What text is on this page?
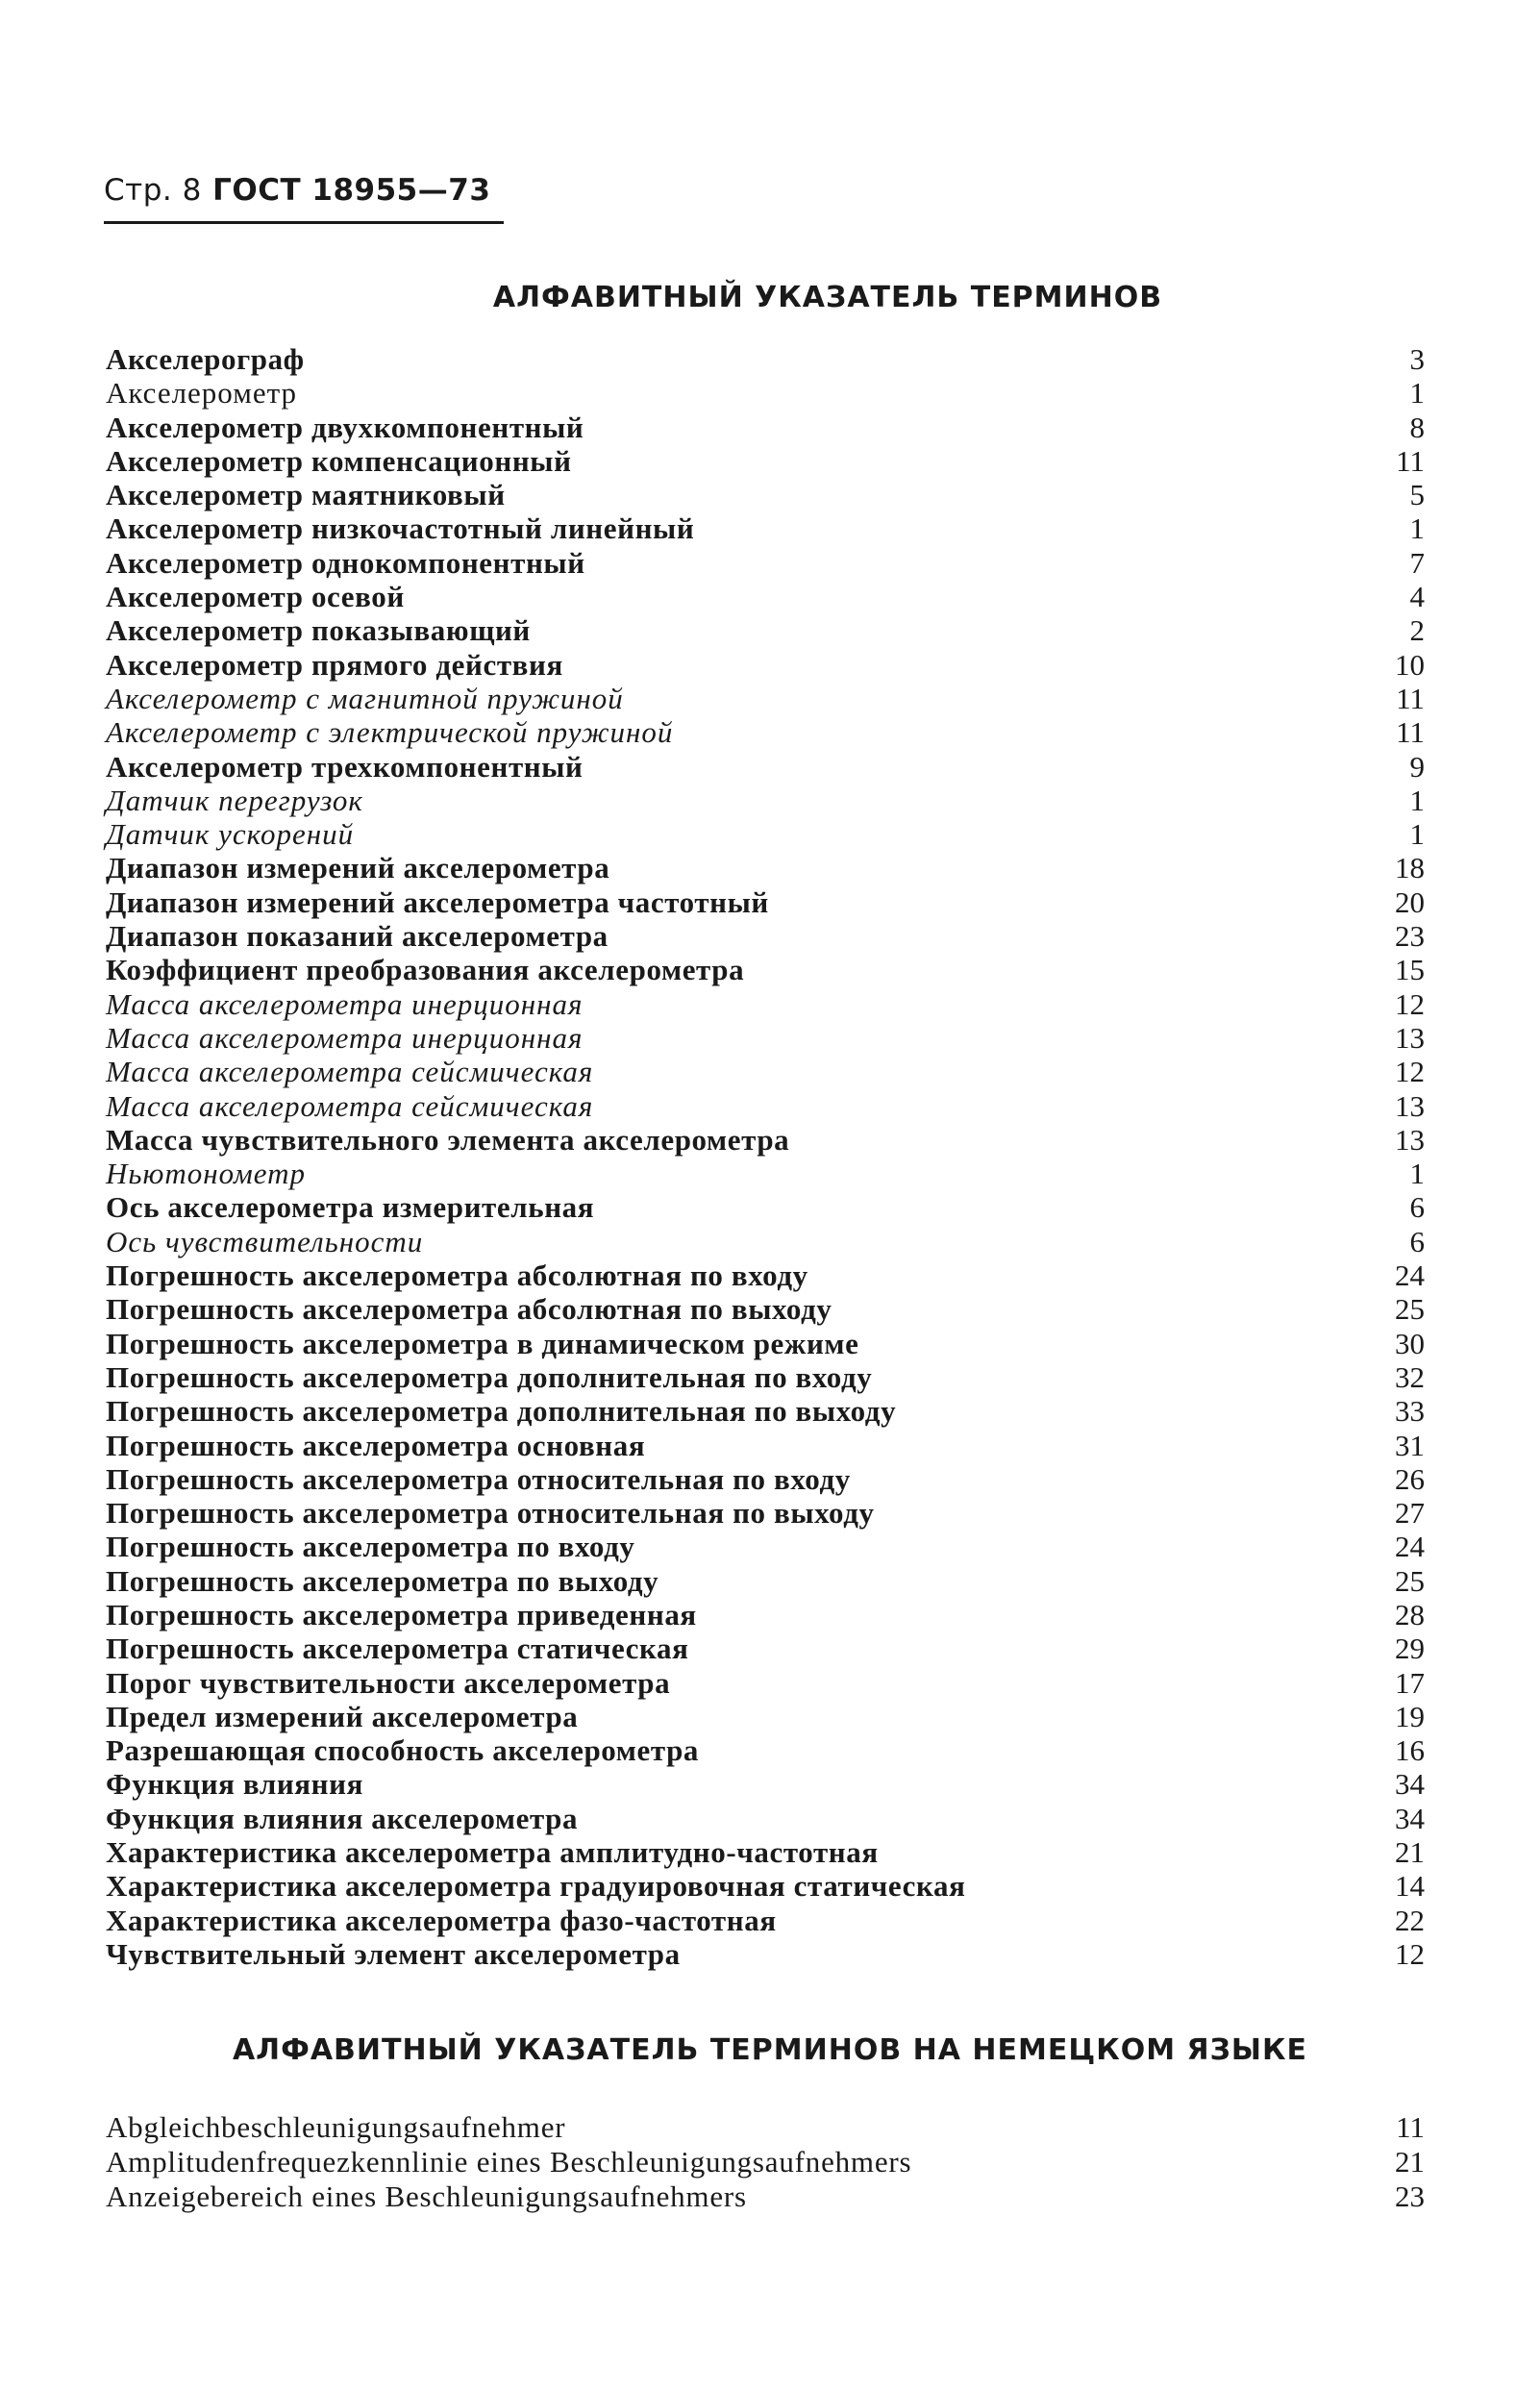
Стр. 8 ГОСТ 18955—73
АЛФАВИТНЫЙ УКАЗАТЕЛЬ ТЕРМИНОВ
Акселерограф	3
Акселерометр	1
Акселерометр двухкомпонентный	8
Акселерометр компенсационный	11
Акселерометр маятниковый	5
Акселерометр низкочастотный линейный	1
Акселерометр однокомпонентный	7
Акселерометр осевой	4
Акселерометр показывающий	2
Акселерометр прямого действия	10
Акселерометр с магнитной пружиной	11
Акселерометр с электрической пружиной	11
Акселерометр трехкомпонентный	9
Датчик перегрузок	1
Датчик ускорений	1
Диапазон измерений акселерометра	18
Диапазон измерений акселерометра частотный	20
Диапазон показаний акселерометра	23
Коэффициент преобразования акселерометра	15
Масса акселерометра инерционная	12
Масса акселерометра инерционная	13
Масса акселерометра сейсмическая	12
Масса акселерометра сейсмическая	13
Масса чувствительного элемента акселерометра	13
Ньютонометр	1
Ось акселерометра измерительная	6
Ось чувствительности	6
Погрешность акселерометра абсолютная по входу	24
Погрешность акселерометра абсолютная по выходу	25
Погрешность акселерометра в динамическом режиме	30
Погрешность акселерометра дополнительная по входу	32
Погрешность акселерометра дополнительная по выходу	33
Погрешность акселерометра основная	31
Погрешность акселерометра относительная по входу	26
Погрешность акселерометра относительная по выходу	27
Погрешность акселерометра по входу	24
Погрешность акселерометра по выходу	25
Погрешность акселерометра приведенная	28
Погрешность акселерометра статическая	29
Порог чувствительности акселерометра	17
Предел измерений акселерометра	19
Разрешающая способность акселерометра	16
Функция влияния	34
Функция влияния акселерометра	34
Характеристика акселерометра амплитудно-частотная	21
Характеристика акселерометра градуировочная статическая	14
Характеристика акселерометра фазо-частотная	22
Чувствительный элемент акселерометра	12
АЛФАВИТНЫЙ УКАЗАТЕЛЬ ТЕРМИНОВ НА НЕМЕЦКОМ ЯЗЫКЕ
Abgleichbeschleunigungsaufnehmer	11
Amplitudenfrequezkennlinie eines Beschleunigungsaufnehmers	21
Anzeigebereich eines Beschleunigungsaufnehmers	23
